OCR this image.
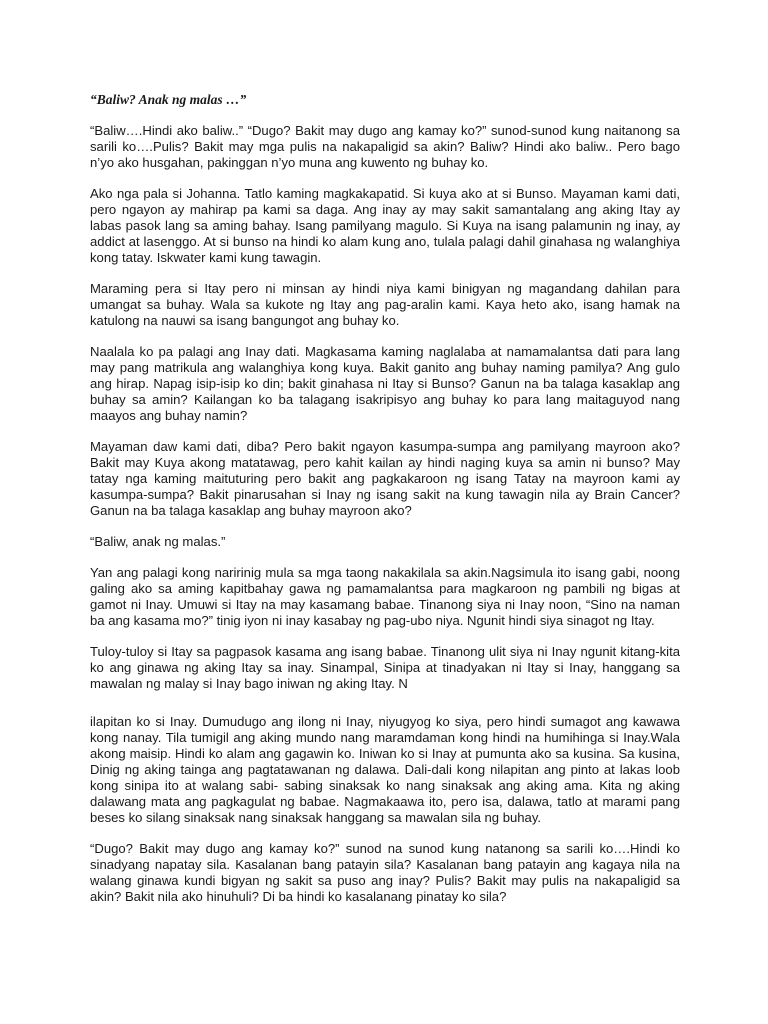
“Baliw? Anak ng malas …”

“Baliw….Hindi ako baliw..” “Dugo? Bakit may dugo ang kamay ko?” sunod-sunod kung naitanong sa sarili ko….Pulis? Bakit may mga pulis na nakapaligid sa akin? Baliw? Hindi ako baliw.. Pero bago n’yo ako husgahan, pakinggan n’yo muna ang kuwento ng buhay ko.

Ako nga pala si Johanna. Tatlo kaming magkakapatid. Si kuya ako at si Bunso. Mayaman kami dati, pero ngayon ay mahirap pa kami sa daga. Ang inay ay may sakit samantalang ang aking Itay ay labas pasok lang sa aming bahay. Isang pamilyang magulo. Si Kuya na isang palamunin ng inay, ay addict at lasenggo. At si bunso na hindi ko alam kung ano, tulala palagi dahil ginahasa ng walanghiya kong tatay. Iskwater kami kung tawagin.

Maraming pera si Itay pero ni minsan ay hindi niya kami binigyan ng magandang dahilan para umangat sa buhay. Wala sa kukote ng Itay ang pag-aralin kami. Kaya heto ako, isang hamak na katulong na nauwi sa isang bangungot ang buhay ko.

Naalala ko pa palagi ang Inay dati. Magkasama kaming naglalaba at namamalantsa dati para lang may pang matrikula ang walanghiya kong kuya. Bakit ganito ang buhay naming pamilya? Ang gulo ang hirap. Napag isip-isip ko din; bakit ginahasa ni Itay si Bunso? Ganun na ba talaga kasaklap ang buhay sa amin? Kailangan ko ba talagang isakripisyo ang buhay ko para lang maitaguyod nang maayos ang buhay namin?

Mayaman daw kami dati, diba? Pero bakit ngayon kasumpa-sumpa ang pamilyang mayroon ako? Bakit may Kuya akong matatawag, pero kahit kailan ay hindi naging kuya sa amin ni bunso? May tatay nga kaming maituturing pero bakit ang pagkakaroon ng isang Tatay na mayroon kami ay kasumpa-sumpa? Bakit pinarusahan si Inay ng isang sakit na kung tawagin nila ay Brain Cancer? Ganun na ba talaga kasaklap ang buhay mayroon ako?

“Baliw, anak ng malas.”

Yan ang palagi kong naririnig mula sa mga taong nakakilala sa akin.Nagsimula ito isang gabi, noong galing ako sa aming kapitbahay gawa ng pamamalantsa para magkaroon ng pambili ng bigas at gamot ni Inay. Umuwi si Itay na may kasamang babae. Tinanong siya ni Inay noon, “Sino na naman ba ang kasama mo?” tinig iyon ni inay kasabay ng pag-ubo niya. Ngunit hindi siya sinagot ng Itay.

Tuloy-tuloy si Itay sa pagpasok kasama ang isang babae. Tinanong ulit siya ni Inay ngunit kitang-kita ko ang ginawa ng aking Itay sa inay. Sinampal, Sinipa at tinadyakan ni Itay si Inay, hanggang sa mawalan ng malay si Inay bago iniwan ng aking Itay. N

ilapitan ko si Inay. Dumudugo ang ilong ni Inay, niyugyog ko siya, pero hindi sumagot ang kawawa kong nanay. Tila tumigil ang aking mundo nang maramdaman kong hindi na humihinga si Inay.Wala akong maisip. Hindi ko alam ang gagawin ko. Iniwan ko si Inay at pumunta ako sa kusina. Sa kusina, Dinig ng aking tainga ang pagtatawanan ng dalawa. Dali-dali kong nilapitan ang pinto at lakas loob kong sinipa ito at walang sabi- sabing sinaksak ko nang sinaksak ang aking ama. Kita ng aking dalawang mata ang pagkagulat ng babae. Nagmakaawa ito, pero isa, dalawa, tatlo at marami pang beses ko silang sinaksak nang sinaksak hanggang sa mawalan sila ng buhay.

“Dugo? Bakit may dugo ang kamay ko?” sunod na sunod kung natanong sa sarili ko….Hindi ko sinadyang napatay sila. Kasalanan bang patayin sila? Kasalanan bang patayin ang kagaya nila na walang ginawa kundi bigyan ng sakit sa puso ang inay? Pulis? Bakit may pulis na nakapaligid sa akin? Bakit nila ako hinuhuli? Di ba hindi ko kasalanang pinatay ko sila?
